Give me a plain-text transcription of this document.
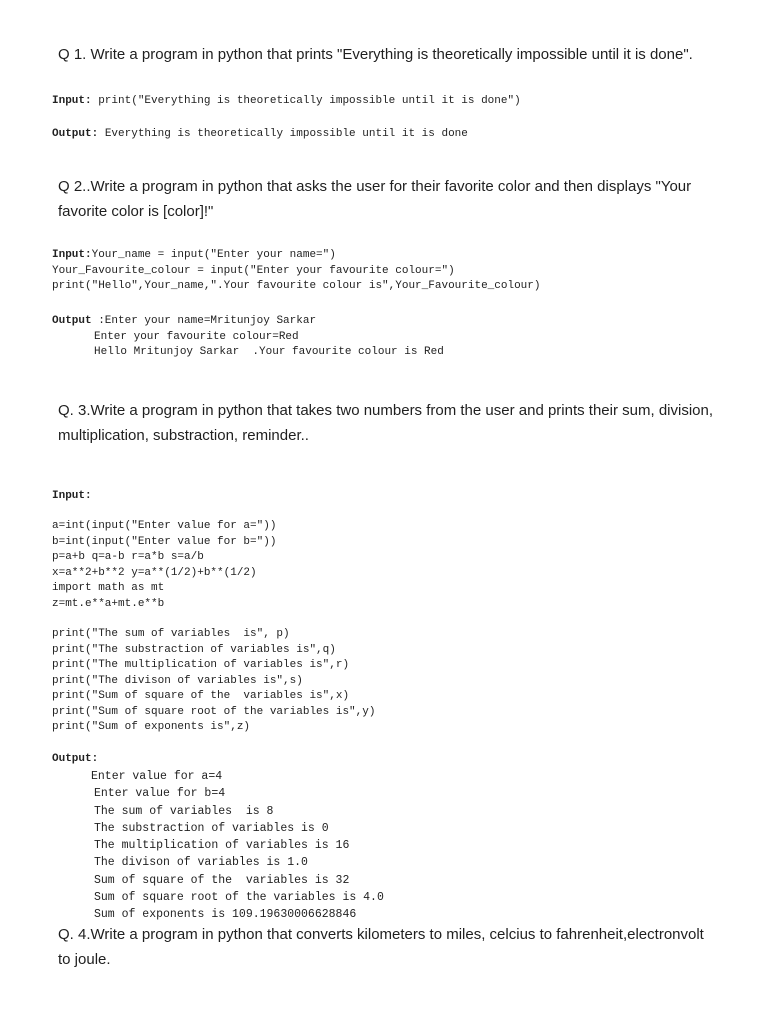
Q 1. Write a program in python that prints "Everything is theoretically impossible until it is done".

Input: print("Everything is theoretically impossible until it is done")
Output: Everything is theoretically impossible until it is done

Q 2..Write a program in python that asks the user for their favorite color and then displays "Your

favorite color is [color]!"

Input:Your_name = input("Enter your name=")
Your_Favourite_colour = input("Enter your favourite colour=")
print("Hello",Your_name,".Your favourite colour is",Your_Favourite_colour)
Output :Enter your name=Mritunjoy Sarkar
Enter your favourite colour=Red
Hello Mritunjoy Sarkar  .Your favourite colour is Red

Q. 3.Write a program in python that takes two numbers from the user and prints their sum, division,

multiplication, substraction, reminder..

Input:
a=int(input("Enter value for a="))
b=int(input("Enter value for b="))
p=a+b q=a-b r=a*b s=a/b
x=a**2+b**2 y=a**(1/2)+b**(1/2)
import math as mt
z=mt.e**a+mt.e**b
print("The sum of variables  is", p)
print("The substraction of variables is",q)
print("The multiplication of variables is",r)
print("The divison of variables is",s)
print("Sum of square of the  variables is",x)
print("Sum of square root of the variables is",y)
print("Sum of exponents is",z)
Output:
Enter value for a=4
Enter value for b=4
The sum of variables  is 8
The substraction of variables is 0
The multiplication of variables is 16
The divison of variables is 1.0
Sum of square of the  variables is 32
Sum of square root of the variables is 4.0
Sum of exponents is 109.19630006628846

Q. 4.Write a program in python that converts kilometers to miles, celcius to fahrenheit,electronvolt

to joule.
